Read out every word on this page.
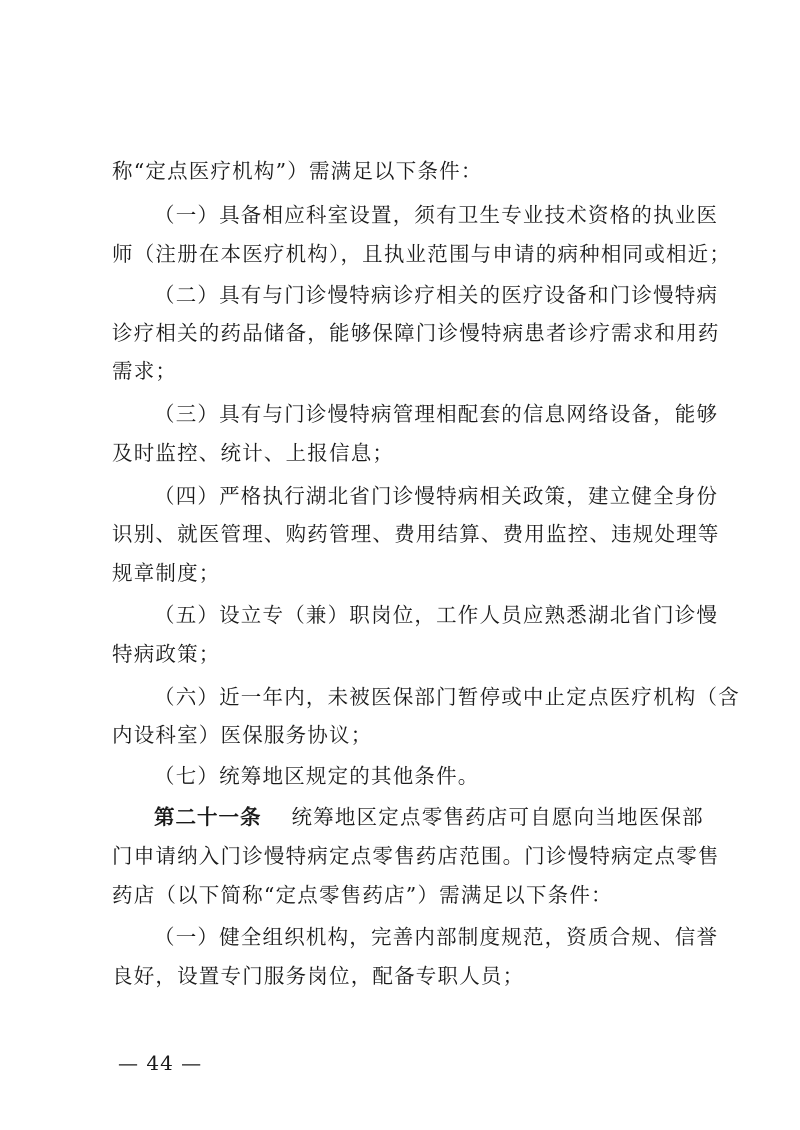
称“定点医疗机构”）需满足以下条件：
（一）具备相应科室设置，须有卫生专业技术资格的执业医
师（注册在本医疗机构），且执业范围与申请的病种相同或相近；
（二）具有与门诊慢特病诊疗相关的医疗设备和门诊慢特病
诊疗相关的药品储备，能够保障门诊慢特病患者诊疗需求和用药
需求；
（三）具有与门诊慢特病管理相配套的信息网络设备，能够
及时监控、统计、上报信息；
（四）严格执行湖北省门诊慢特病相关政策，建立健全身份
识别、就医管理、购药管理、费用结算、费用监控、违规处理等
规章制度；
（五）设立专（兼）职岗位，工作人员应熟悉湖北省门诊慢
特病政策；
（六）近一年内，未被医保部门暂停或中止定点医疗机构（含
内设科室）医保服务协议；
（七）统筹地区规定的其他条件。
第二十一条 统筹地区定点零售药店可自愿向当地医保部
门申请纳入门诊慢特病定点零售药店范围。门诊慢特病定点零售
药店（以下简称“定点零售药店”）需满足以下条件：
（一）健全组织机构，完善内部制度规范，资质合规、信誉
良好，设置专门服务岗位，配备专职人员；
— 44 —
